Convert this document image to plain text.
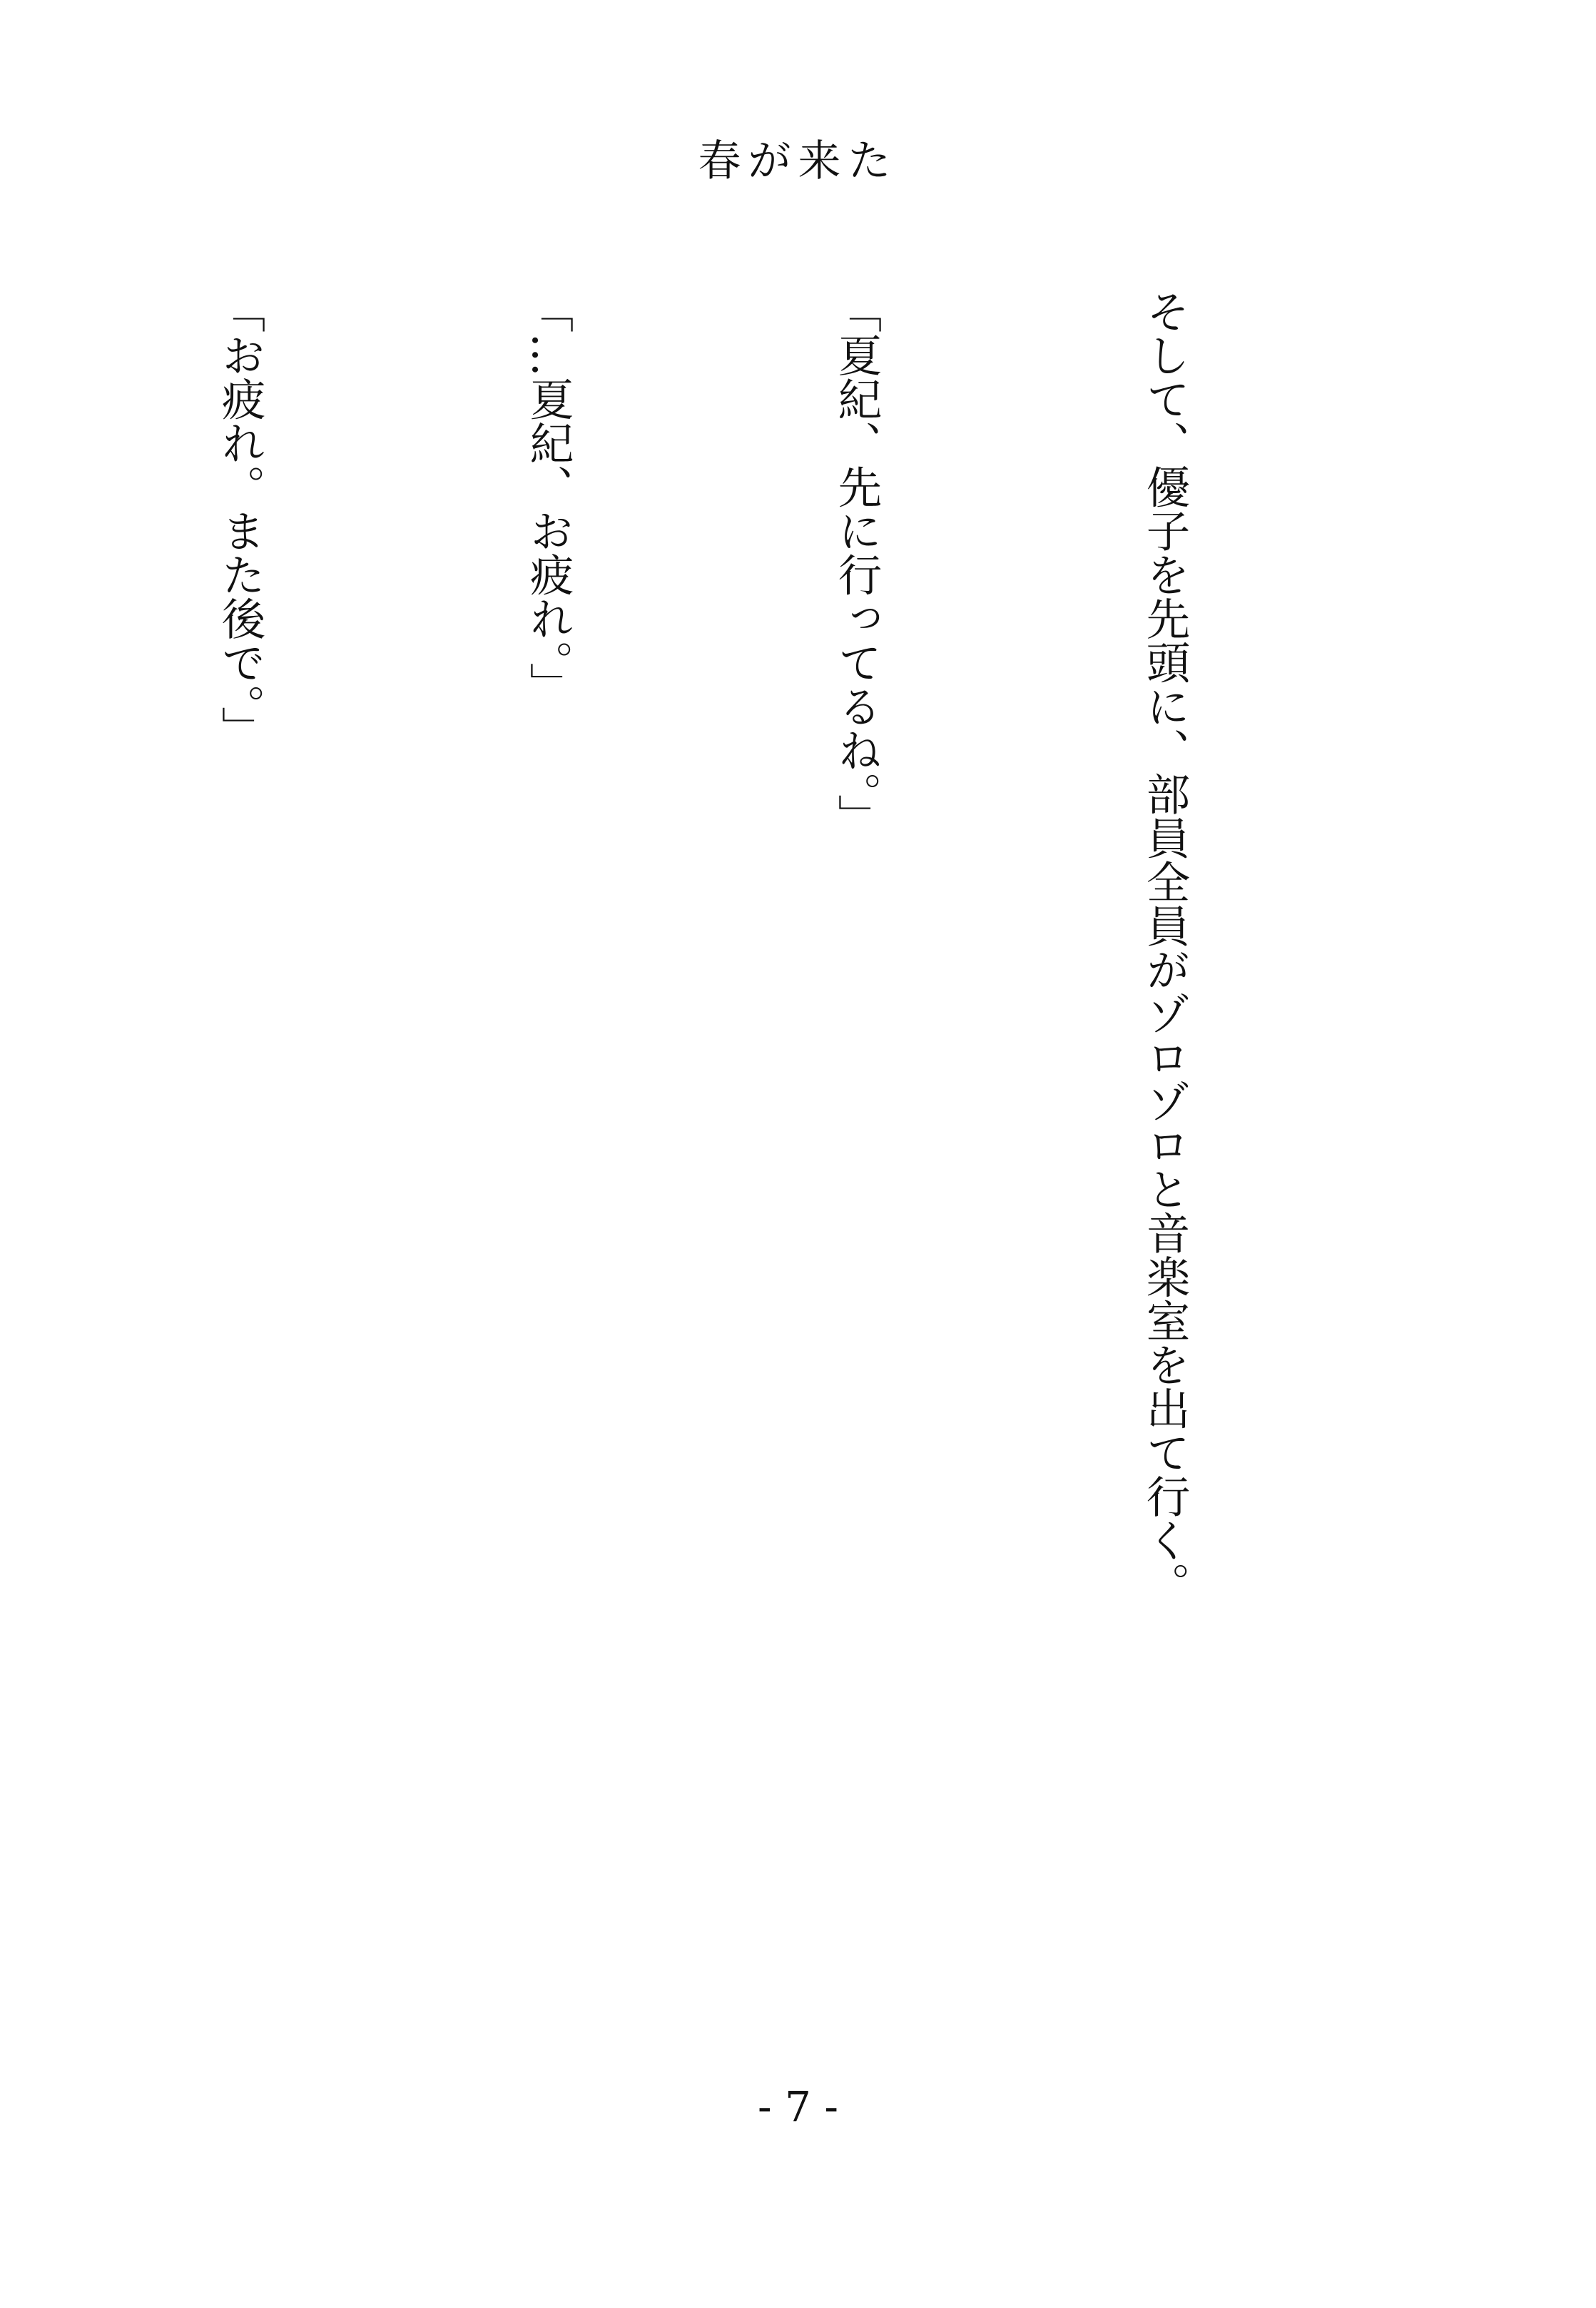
春が来た

そして、優子を先頭に、部員全員がゾロゾロと音楽室を出て行く。

「夏紀、先に行ってるね。」

「…夏紀、お疲れ。」

「お疲れ。また後で。」

- 7 -
